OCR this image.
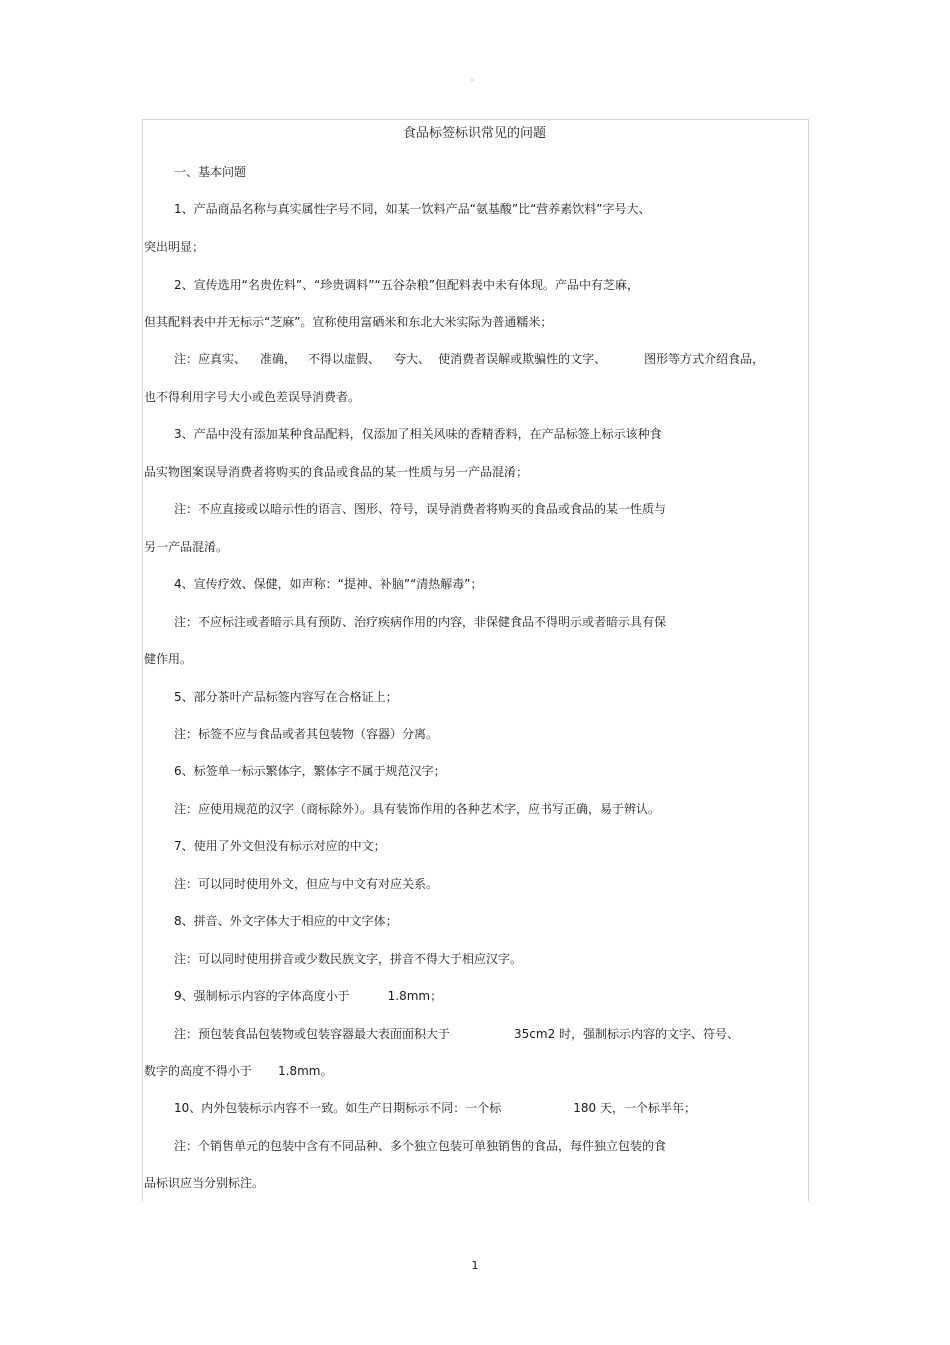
。
食品标签标识常见的问题
一、基本问题
1、产品商品名称与真实属性字号不同，如某一饮料产品“氨基酸”比“营养素饮料”字号大、
突出明显；
2、宣传选用“名贵佐料”、“珍贵调料”“五谷杂粮”但配料表中未有体现。产品中有芝麻，
但其配料表中并无标示“芝麻”。宣称使用富硒米和东北大米实际为普通糯米；
注：应真实、 准确， 不得以虚假、 夸大、 使消费者误解或欺骗性的文字、	图形等方式介绍食品，
也不得利用字号大小或色差误导消费者。
3、产品中没有添加某种食品配料，仅添加了相关风味的香精香料，在产品标签上标示该种食
品实物图案误导消费者将购买的食品或食品的某一性质与另一产品混淆；
注：不应直接或以暗示性的语言、图形、符号，误导消费者将购买的食品或食品的某一性质与
另一产品混淆。
4、宣传疗效、保健，如声称：“提神、补脑”“清热解毒”；
注：不应标注或者暗示具有预防、治疗疾病作用的内容，非保健食品不得明示或者暗示具有保
健作用。
5、部分茶叶产品标签内容写在合格证上；
注：标签不应与食品或者其包装物（容器）分离。
6、标签单一标示繁体字，繁体字不属于规范汉字；
注：应使用规范的汉字（商标除外）。具有装饰作用的各种艺术字，应书写正确，易于辨认。
7、使用了外文但没有标示对应的中文；
注：可以同时使用外文，但应与中文有对应关系。
8、拼音、外文字体大于相应的中文字体；
注：可以同时使用拼音或少数民族文字，拼音不得大于相应汉字。
9、强制标示内容的字体高度小于	1.8mm；
注：预包装食品包装物或包装容器最大表面面积大于	35cm2 时，强制标示内容的文字、符号、
数字的高度不得小于 1.8mm。
10、内外包装标示内容不一致。如生产日期标示不同：一个标	180 天，一个标半年；
注：个销售单元的包装中含有不同品种、多个独立包装可单独销售的食品，每件独立包装的食
品标识应当分别标注。
1
